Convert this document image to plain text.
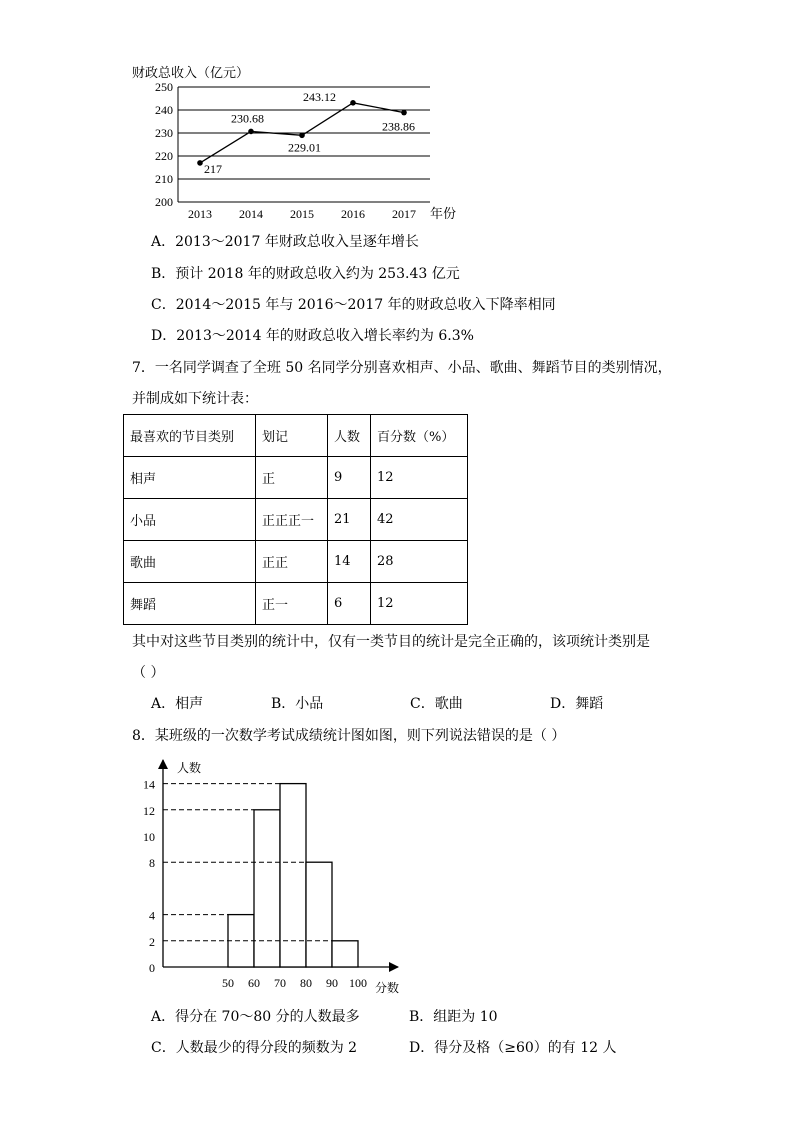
财政总收入（亿元）
200
210
220
230
240
250
2013 2014 2015 2016 2017
217
230.68
229.01
243.12
238.86
年份
A．2013～2017 年财政总收入呈逐年增长
B．预计 2018 年的财政总收入约为 253.43 亿元
C．2014～2015 年与 2016～2017 年的财政总收入下降率相同
D．2013～2014 年的财政总收入增长率约为 6.3%
7．一名同学调查了全班 50 名同学分别喜欢相声、小品、歌曲、舞蹈节目的类别情况，
并制成如下统计表：
最喜欢的节目类别	划记	人数	百分数（%）
相声	正	9	12
小品	正正正一	21	42
歌曲	正正	14	28
舞蹈	正一	6	12
其中对这些节目类别的统计中，仅有一类节目的统计是完全正确的，该项统计类别是
（ ）
A．相声	B．小品	C．歌曲	D．舞蹈
8．某班级的一次数学考试成绩统计图如图，则下列说法错误的是（ ）
人数
分数
0
2
4
8
10
12
14
50 60 70 80 90 100
A．得分在 70～80 分的人数最多	B．组距为 10
C．人数最少的得分段的频数为 2	D．得分及格（≥60）的有 12 人
